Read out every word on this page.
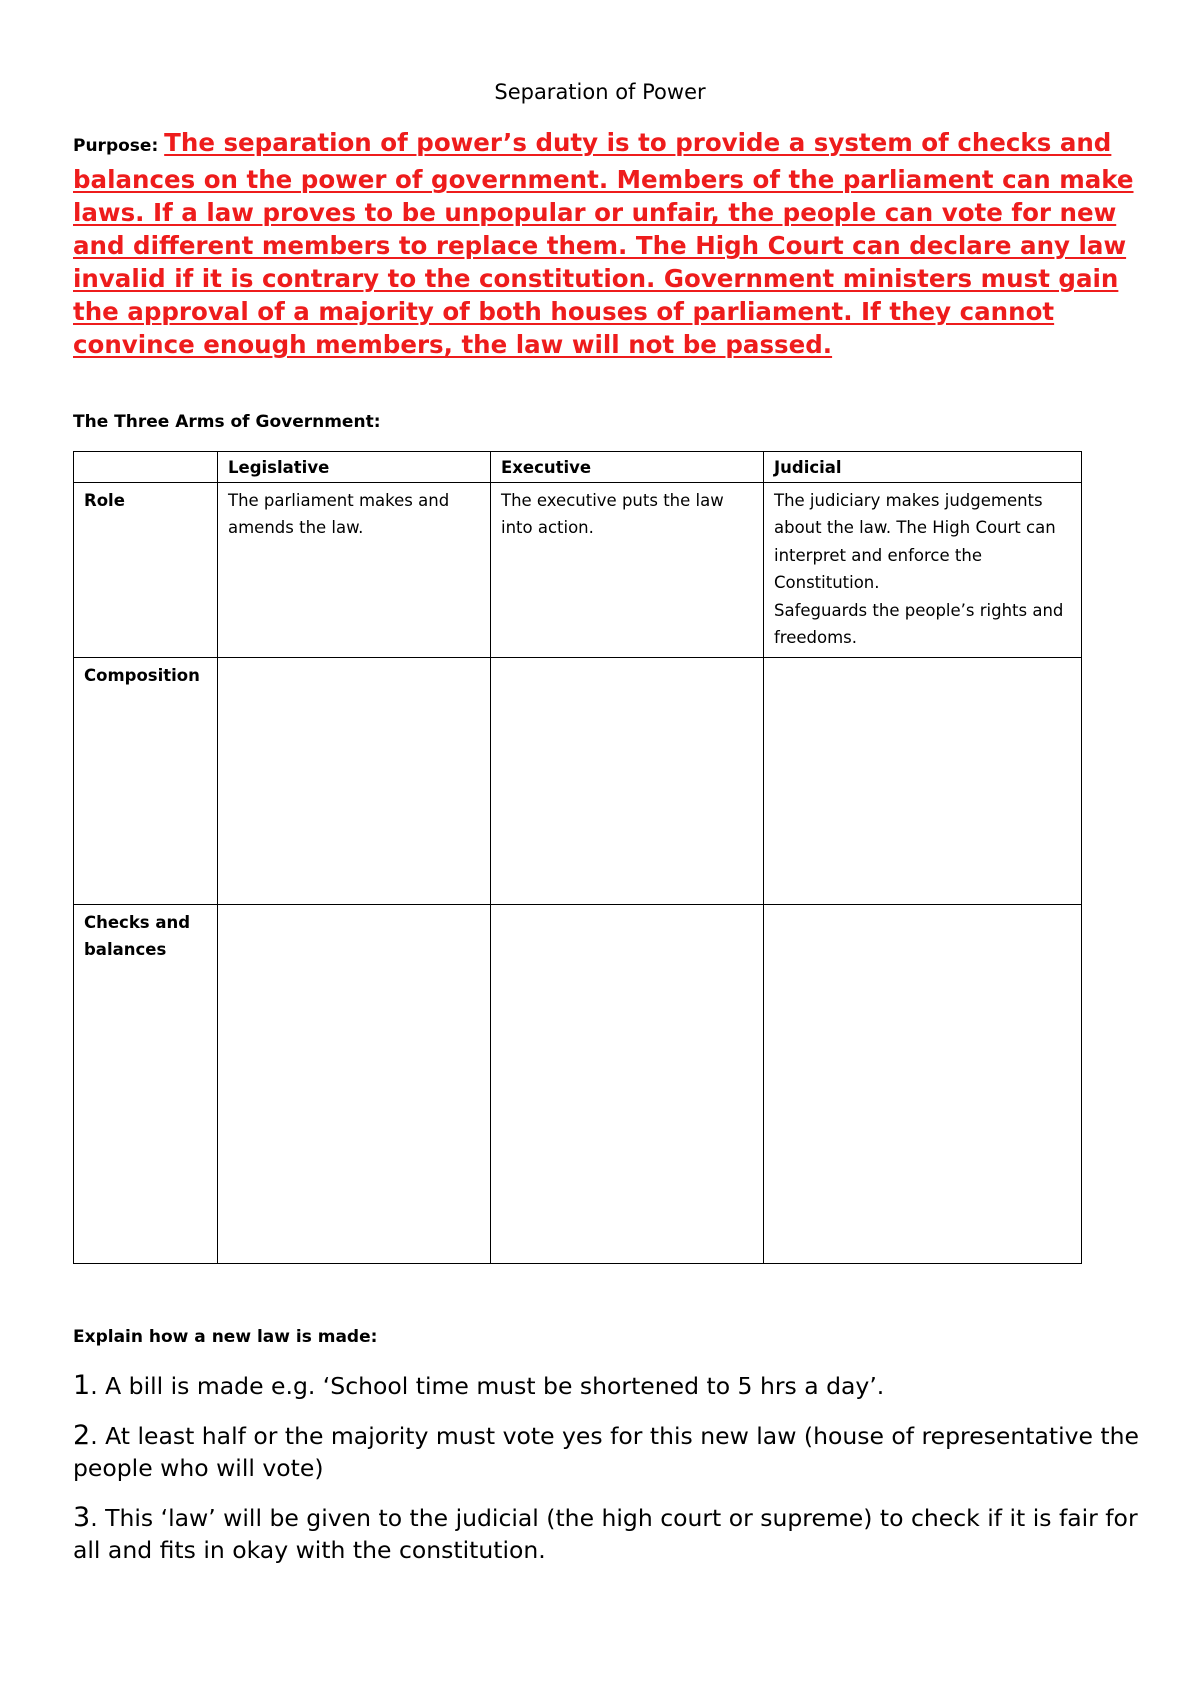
Separation of Power
Purpose: The separation of power’s duty is to provide a system of checks and balances on the power of government. Members of the parliament can make laws. If a law proves to be unpopular or unfair, the people can vote for new and different members to replace them. The High Court can declare any law invalid if it is contrary to the constitution. Government ministers must gain the approval of a majority of both houses of parliament. If they cannot convince enough members, the law will not be passed.
The Three Arms of Government:
	Legislative	Executive	Judicial
Role	The parliament makes and amends the law.	The executive puts the law into action.	The judiciary makes judgements about the law. The High Court can interpret and enforce the Constitution.
Safeguards the people’s rights and freedoms.

Composition			
Checks and balances			
Explain how a new law is made:
1. A bill is made e.g. ‘School time must be shortened to 5 hrs a day’.
2. At least half or the majority must vote yes for this new law (house of representative the people who will vote)
3. This ‘law’ will be given to the judicial (the high court or supreme) to check if it is fair for all and fits in okay with the constitution.
